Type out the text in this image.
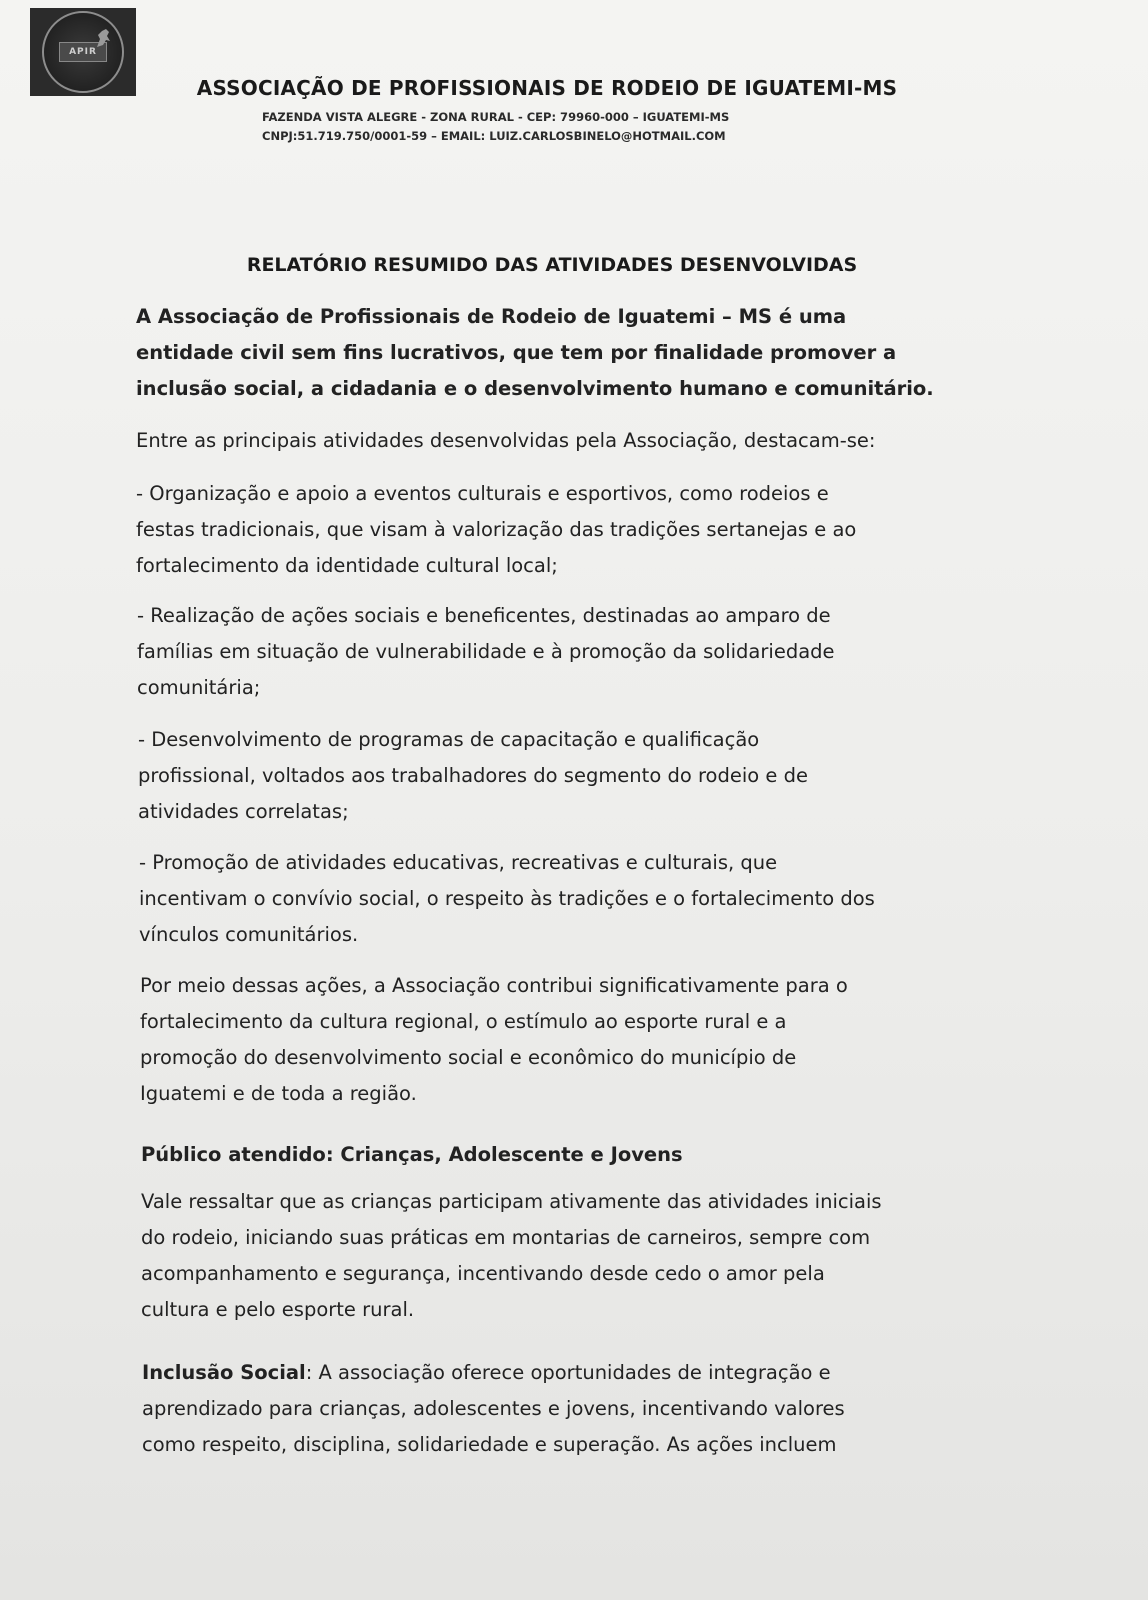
APIR
ASSOCIAÇÃO DE PROFISSIONAIS DE RODEIO DE IGUATEMI-MS
FAZENDA VISTA ALEGRE - ZONA RURAL - CEP: 79960-000 – IGUATEMI-MS
CNPJ:51.719.750/0001-59 – EMAIL: LUIZ.CARLOSBINELO@HOTMAIL.COM
RELATÓRIO RESUMIDO DAS ATIVIDADES DESENVOLVIDAS
A Associação de Profissionais de Rodeio de Iguatemi – MS é uma
entidade civil sem fins lucrativos, que tem por finalidade promover a
inclusão social, a cidadania e o desenvolvimento humano e comunitário.
Entre as principais atividades desenvolvidas pela Associação, destacam-se:
- Organização e apoio a eventos culturais e esportivos, como rodeios e
festas tradicionais, que visam à valorização das tradições sertanejas e ao
fortalecimento da identidade cultural local;
- Realização de ações sociais e beneficentes, destinadas ao amparo de
famílias em situação de vulnerabilidade e à promoção da solidariedade
comunitária;
- Desenvolvimento de programas de capacitação e qualificação
profissional, voltados aos trabalhadores do segmento do rodeio e de
atividades correlatas;
- Promoção de atividades educativas, recreativas e culturais, que
incentivam o convívio social, o respeito às tradições e o fortalecimento dos
vínculos comunitários.
Por meio dessas ações, a Associação contribui significativamente para o
fortalecimento da cultura regional, o estímulo ao esporte rural e a
promoção do desenvolvimento social e econômico do município de
Iguatemi e de toda a região.
Público atendido: Crianças, Adolescente e Jovens
Vale ressaltar que as crianças participam ativamente das atividades iniciais
do rodeio, iniciando suas práticas em montarias de carneiros, sempre com
acompanhamento e segurança, incentivando desde cedo o amor pela
cultura e pelo esporte rural.
Inclusão Social: A associação oferece oportunidades de integração e
aprendizado para crianças, adolescentes e jovens, incentivando valores
como respeito, disciplina, solidariedade e superação. As ações incluem
